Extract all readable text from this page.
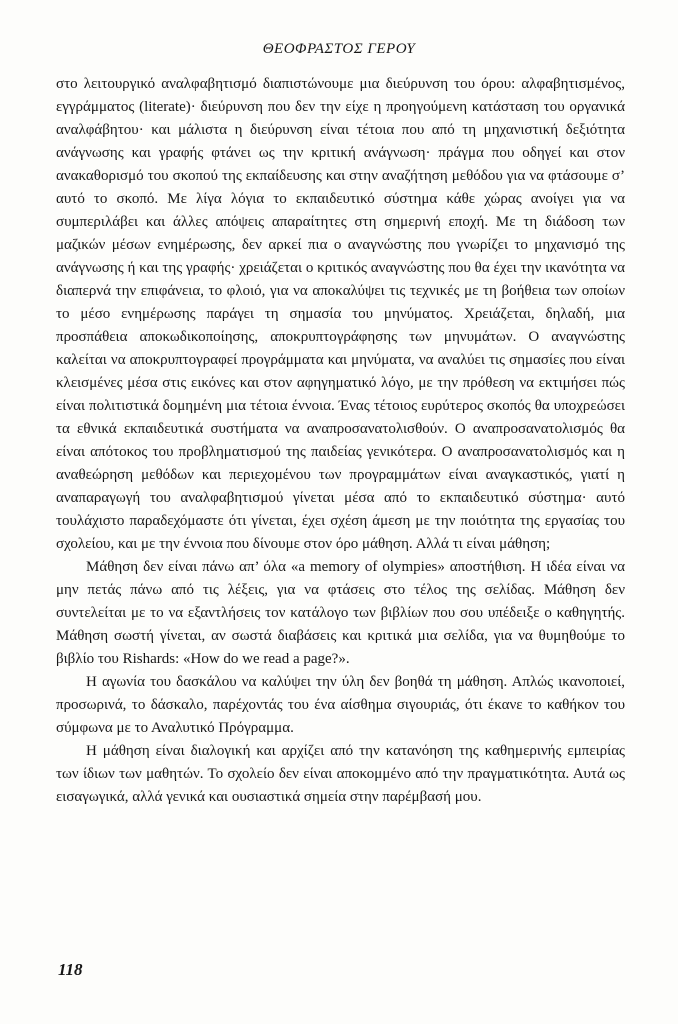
ΘΕΟΦΡΑΣΤΟΣ ΓΕΡΟΥ

στο λειτουργικό αναλφαβητισμό διαπιστώνουμε μια διεύρυνση του όρου: αλφαβητισμένος, εγγράμματος (literate)· διεύρυνση που δεν την είχε η προηγούμενη κατάσταση του οργανικά αναλφάβητου· και μάλιστα η διεύρυνση είναι τέτοια που από τη μηχανιστική δεξιότητα ανάγνωσης και γραφής φτάνει ως την κριτική ανάγνωση· πράγμα που οδηγεί και στον ανακαθορισμό του σκοπού της εκπαίδευσης και στην αναζήτηση μεθόδου για να φτάσουμε σ’ αυτό το σκοπό. Με λίγα λόγια το εκπαιδευτικό σύστημα κάθε χώρας ανοίγει για να συμπεριλάβει και άλλες απόψεις απαραίτητες στη σημερινή εποχή. Με τη διάδοση των μαζικών μέσων ενημέρωσης, δεν αρκεί πια ο αναγνώστης που γνωρίζει το μηχανισμό της ανάγνωσης ή και της γραφής· χρειάζεται ο κριτικός αναγνώστης που θα έχει την ικανότητα να διαπερνά την επιφάνεια, το φλοιό, για να αποκαλύψει τις τεχνικές με τη βοήθεια των οποίων το μέσο ενημέρωσης παράγει τη σημασία του μηνύματος. Χρειάζεται, δηλαδή, μια προσπάθεια αποκωδικοποίησης, αποκρυπτογράφησης των μηνυμάτων. Ο αναγνώστης καλείται να αποκρυπτογραφεί προγράμματα και μηνύματα, να αναλύει τις σημασίες που είναι κλεισμένες μέσα στις εικόνες και στον αφηγηματικό λόγο, με την πρόθεση να εκτιμήσει πώς είναι πολιτιστικά δομημένη μια τέτοια έννοια. Ένας τέτοιος ευρύτερος σκοπός θα υποχρεώσει τα εθνικά εκπαιδευτικά συστήματα να αναπροσανατολισθούν. Ο αναπροσανατολισμός θα είναι απότοκος του προβληματισμού της παιδείας γενικότερα. Ο αναπροσανατολισμός και η αναθεώρηση μεθόδων και περιεχομένου των προγραμμάτων είναι αναγκαστικός, γιατί η αναπαραγωγή του αναλφαβητισμού γίνεται μέσα από το εκπαιδευτικό σύστημα· αυτό τουλάχιστο παραδεχόμαστε ότι γίνεται, έχει σχέση άμεση με την ποιότητα της εργασίας του σχολείου, και με την έννοια που δίνουμε στον όρο μάθηση. Αλλά τι είναι μάθηση;

Μάθηση δεν είναι πάνω απ’ όλα «a memory of olympies» αποστήθιση. Η ιδέα είναι να μην πετάς πάνω από τις λέξεις, για να φτάσεις στο τέλος της σελίδας. Μάθηση δεν συντελείται με το να εξαντλήσεις τον κατάλογο των βιβλίων που σου υπέδειξε ο καθηγητής. Μάθηση σωστή γίνεται, αν σωστά διαβάσεις και κριτικά μια σελίδα, για να θυμηθούμε το βιβλίο του Rishards: «How do we read a page?».

Η αγωνία του δασκάλου να καλύψει την ύλη δεν βοηθά τη μάθηση. Απλώς ικανοποιεί, προσωρινά, το δάσκαλο, παρέχοντάς του ένα αίσθημα σιγουριάς, ότι έκανε το καθήκον του σύμφωνα με το Αναλυτικό Πρόγραμμα.

Η μάθηση είναι διαλογική και αρχίζει από την κατανόηση της καθημερινής εμπειρίας των ίδιων των μαθητών. Το σχολείο δεν είναι αποκομμένο από την πραγματικότητα. Αυτά ως εισαγωγικά, αλλά γενικά και ουσιαστικά σημεία στην παρέμβασή μου.

118
